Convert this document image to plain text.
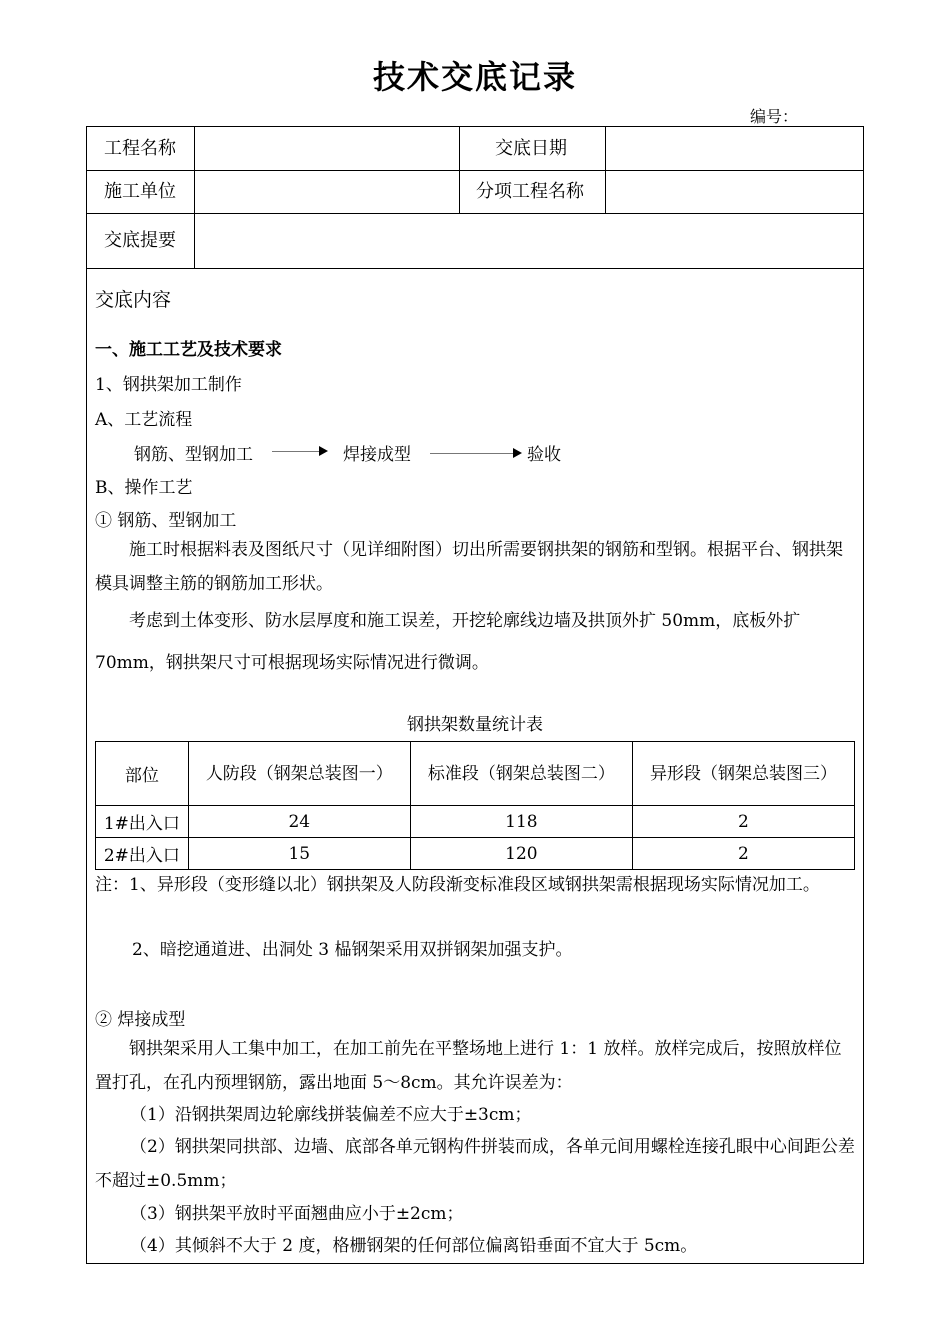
技术交底记录
编号：
工程名称	交底日期
施工单位	分项工程名称
交底提要
交底内容
一、施工工艺及技术要求
1、钢拱架加工制作
A、工艺流程
钢筋、型钢加工	焊接成型	验收
B、操作工艺
① 钢筋、型钢加工
施工时根据料表及图纸尺寸（见详细附图）切出所需要钢拱架的钢筋和型钢。根据平台、钢拱架模具调整主筋的钢筋加工形状。
考虑到土体变形、防水层厚度和施工误差，开挖轮廓线边墙及拱顶外扩 50mm，底板外扩 70mm，钢拱架尺寸可根据现场实际情况进行微调。
钢拱架数量统计表
部位	人防段（钢架总装图一）	标准段（钢架总装图二）	异形段（钢架总装图三）
1#出入口	24	118	2
2#出入口	15	120	2
注：1、异形段（变形缝以北）钢拱架及人防段渐变标准段区域钢拱架需根据现场实际情况加工。
2、暗挖通道进、出洞处 3 榀钢架采用双拼钢架加强支护。
② 焊接成型
钢拱架采用人工集中加工，在加工前先在平整场地上进行 1：1 放样。放样完成后，按照放样位置打孔，在孔内预埋钢筋，露出地面 5～8cm。其允许误差为：
（1）沿钢拱架周边轮廓线拼装偏差不应大于±3cm；
（2）钢拱架同拱部、边墙、底部各单元钢构件拼装而成，各单元间用螺栓连接孔眼中心间距公差不超过±0.5mm；
（3）钢拱架平放时平面翘曲应小于±2cm；
（4）其倾斜不大于 2 度，格栅钢架的任何部位偏离铅垂面不宜大于 5cm。
